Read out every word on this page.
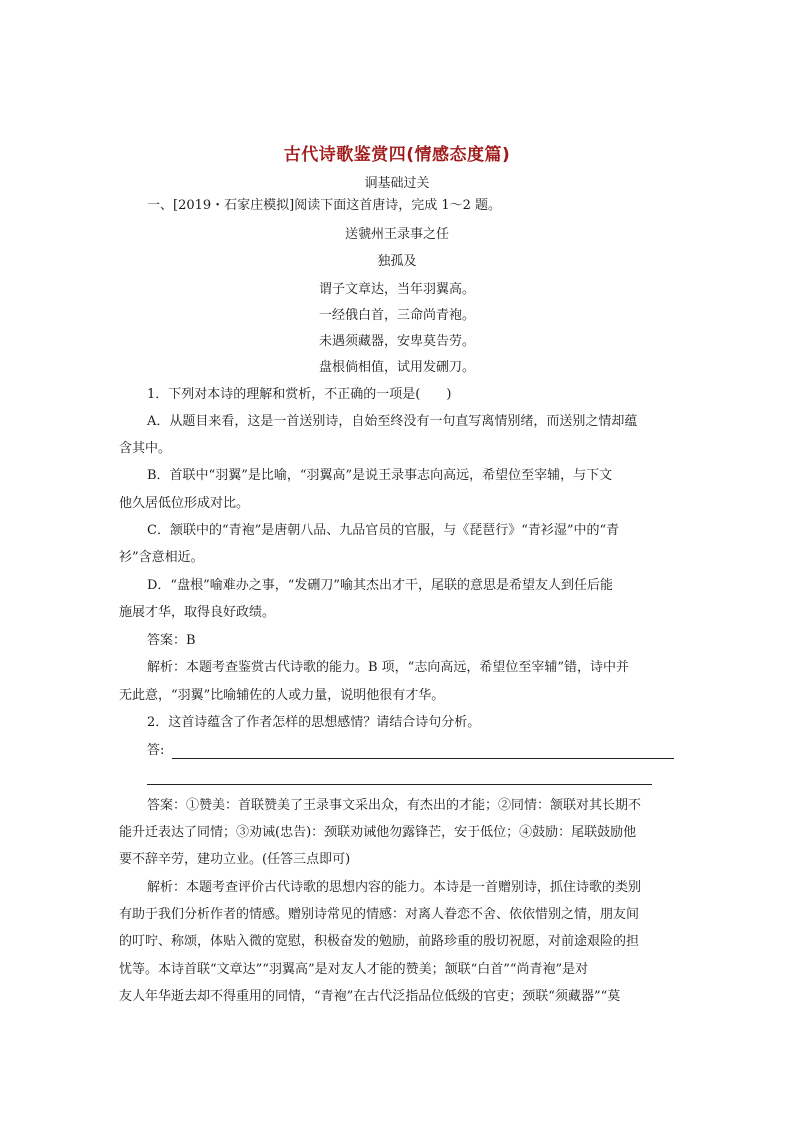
古代诗歌鉴赏四(情感态度篇)
诇基础过关
一、[2019・石家庄模拟]阅读下面这首唐诗，完成 1～2 题。
送虢州王录事之任
独孤及
谓子文章达，当年羽翼高。
一经俄白首，三命尚青袍。
未遇须藏器，安卑莫告劳。
盘根倘相值，试用发硎刀。
1．下列对本诗的理解和赏析，不正确的一项是(　　)
A．从题目来看，这是一首送别诗，自始至终没有一句直写离情别绪，而送别之情却蕴
含其中。
B．首联中“羽翼”是比喻，“羽翼高”是说王录事志向高远，希望位至宰辅，与下文
他久居低位形成对比。
C．颔联中的“青袍”是唐朝八品、九品官员的官服，与《琵琶行》“青衫湿”中的“青
衫”含意相近。
D．“盘根”喻难办之事，“发硎刀”喻其杰出才干，尾联的意思是希望友人到任后能
施展才华，取得良好政绩。
答案：B
解析：本题考查鉴赏古代诗歌的能力。B 项，“志向高远，希望位至宰辅”错，诗中并
无此意，“羽翼”比喻辅佐的人或力量，说明他很有才华。
2．这首诗蕴含了作者怎样的思想感情？请结合诗句分析。
答:
答案：①赞美：首联赞美了王录事文采出众，有杰出的才能；②同情：颔联对其长期不
能升迁表达了同情；③劝诫(忠告)：颈联劝诫他勿露锋芒，安于低位；④鼓励：尾联鼓励他
要不辞辛劳，建功立业。(任答三点即可)
解析：本题考查评价古代诗歌的思想内容的能力。本诗是一首赠别诗，抓住诗歌的类别
有助于我们分析作者的情感。赠别诗常见的情感：对离人眷恋不舍、依依惜别之情，朋友间
的叮咛、称颂，体贴入微的宽慰，积极奋发的勉励，前路珍重的殷切祝愿，对前途艰险的担
忧等。本诗首联“文章达”“羽翼高”是对友人才能的赞美；颔联“白首”“尚青袍”是对
友人年华逝去却不得重用的同情，“青袍”在古代泛指品位低级的官吏；颈联“须藏器”“莫
